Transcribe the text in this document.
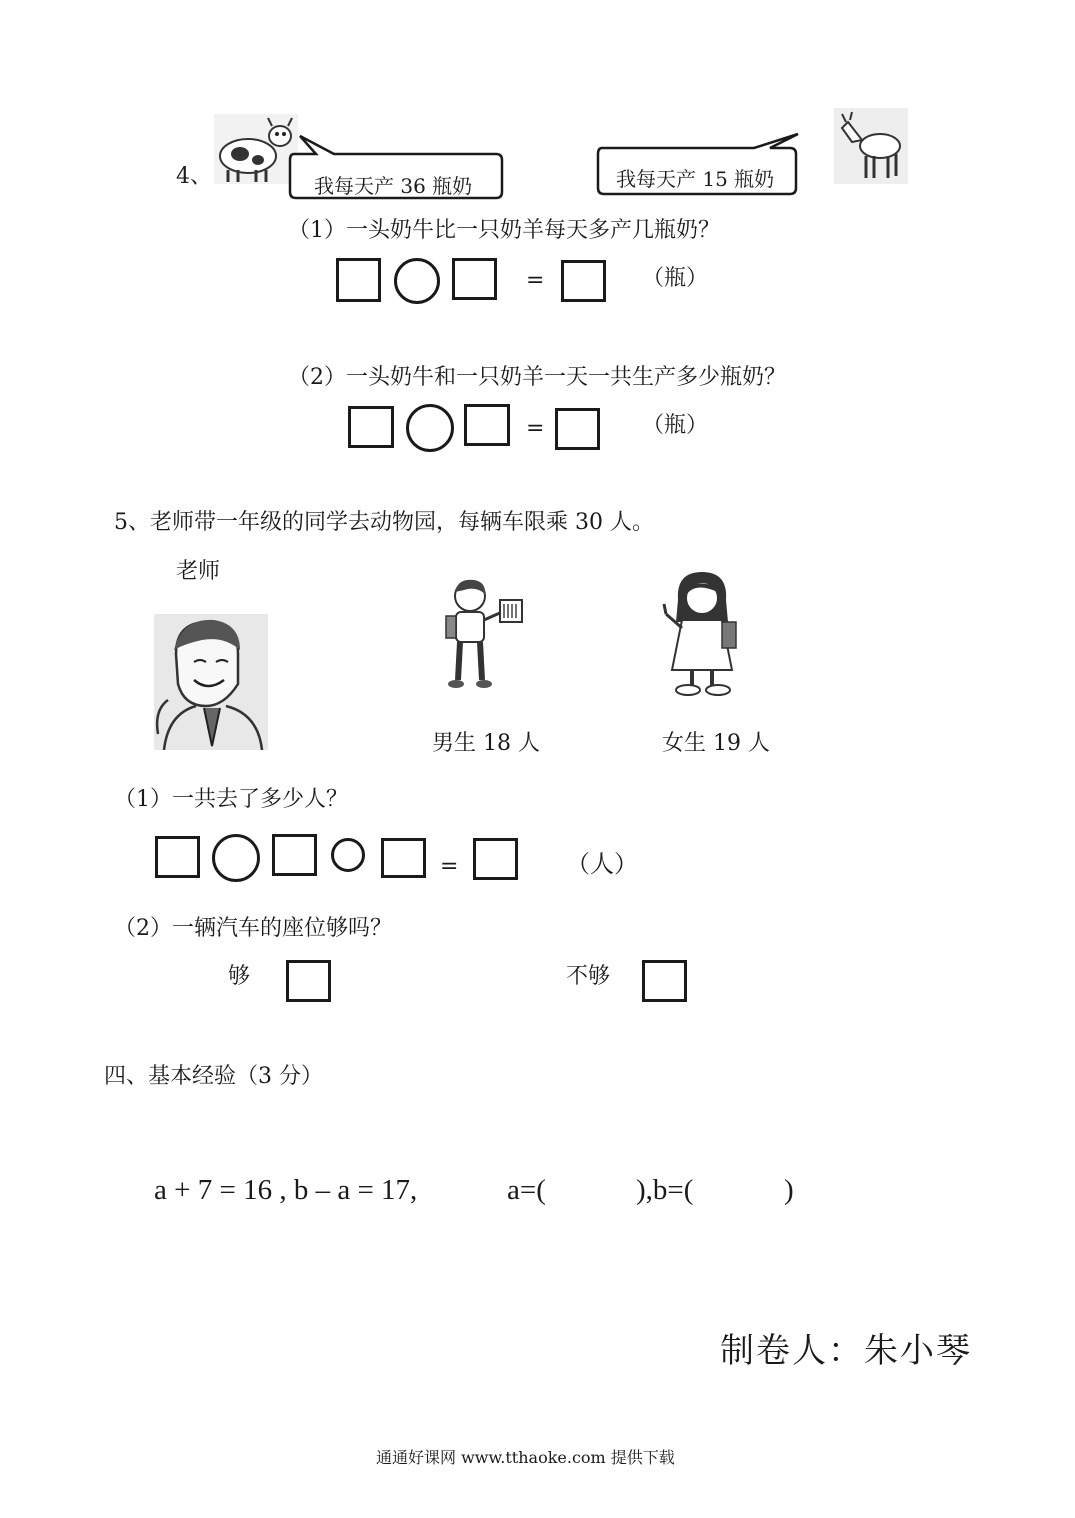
4、	我每天产 36 瓶奶	我每天产 15 瓶奶
（1）一头奶牛比一只奶羊每天多产几瓶奶？
=	（瓶）
（2）一头奶牛和一只奶羊一天一共生产多少瓶奶？
=	（瓶）
5、老师带一年级的同学去动物园，每辆车限乘 30 人。
老师
男生 18 人	女生 19 人
（1）一共去了多少人？
=	（人）
（2）一辆汽车的座位够吗？
够	不够
四、基本经验（3 分）
a + 7 = 16 , b – a = 17,	a=(	),b=(	)
制卷人：朱小琴
通通好课网 www.tthaoke.com 提供下载
